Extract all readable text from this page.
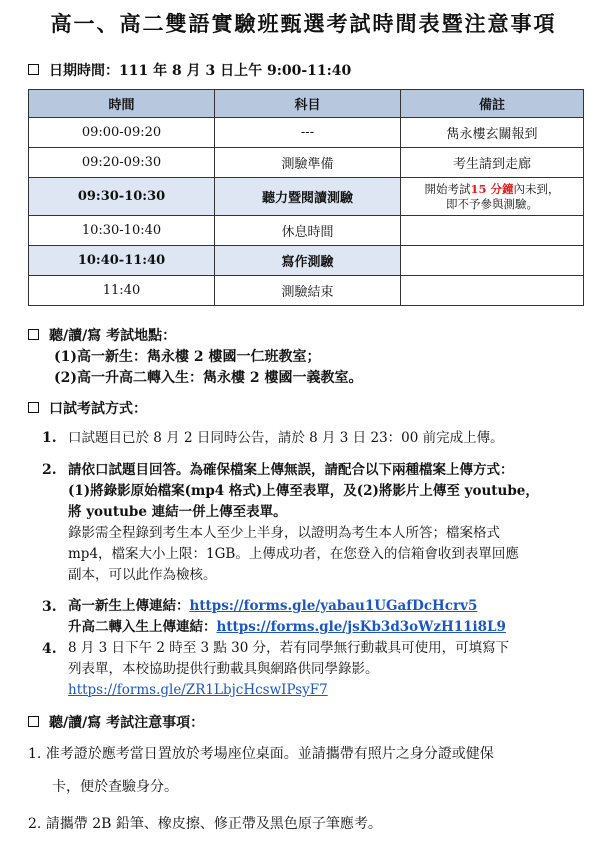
高一、高二雙語實驗班甄選考試時間表暨注意事項
日期時間：111 年 8 月 3 日上午 9:00-11:40
時間	科目	備註
09:00-09:20	---	雋永樓玄關報到
09:20-09:30	測驗準備	考生請到走廊
09:30-10:30	聽力暨閱讀測驗	開始考試15 分鐘內未到，
即不予參與測驗。
10:30-10:40	休息時間	
10:40-11:40	寫作測驗	
11:40	測驗結束	
聽/讀/寫 考試地點：
(1)高一新生：雋永樓 2 樓國一仁班教室；
(2)高一升高二轉入生：雋永樓 2 樓國一義教室。
口試考試方式：
1. 口試題目已於 8 月 2 日同時公告，請於 8 月 3 日 23：00 前完成上傳。
2. 請依口試題目回答。為確保檔案上傳無誤，請配合以下兩種檔案上傳方式：
(1)將錄影原始檔案(mp4 格式)上傳至表單，及(2)將影片上傳至 youtube，
將 youtube 連結一併上傳至表單。
錄影需全程錄到考生本人至少上半身，以證明為考生本人所答；檔案格式
mp4，檔案大小上限：1GB。上傳成功者，在您登入的信箱會收到表單回應
副本，可以此作為檢核。
3. 高一新生上傳連結：https://forms.gle/yabau1UGafDcHcrv5
升高二轉入生上傳連結：https://forms.gle/jsKb3d3oWzH11i8L9
4. 8 月 3 日下午 2 時至 3 點 30 分，若有同學無行動載具可使用，可填寫下
列表單，本校協助提供行動載具與網路供同學錄影。
https://forms.gle/ZR1LbjcHcswIPsyF7
聽/讀/寫 考試注意事項：
1. 准考證於應考當日置放於考場座位桌面。並請攜帶有照片之身分證或健保
卡，便於查驗身分。
2. 請攜帶 2B 鉛筆、橡皮擦、修正帶及黑色原子筆應考。
